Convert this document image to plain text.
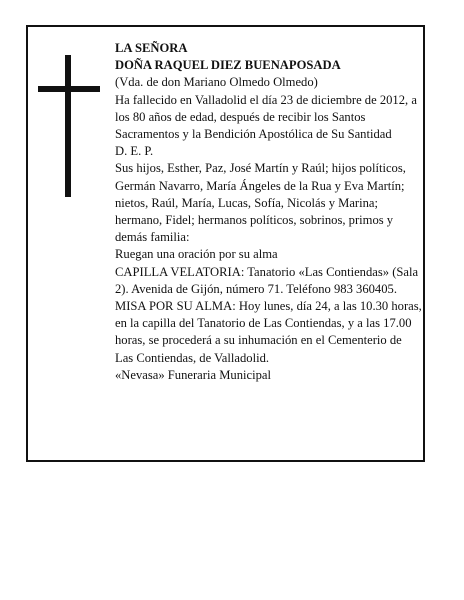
LA SEÑORA

DOÑA RAQUEL DIEZ BUENAPOSADA

(Vda. de don Mariano Olmedo Olmedo)

Ha fallecido en Valladolid el día 23 de diciembre de 2012, a los 80 años de edad, después de recibir los Santos Sacramentos y la Bendición Apostólica de Su Santidad

D. E. P.

Sus hijos, Esther, Paz, José Martín y Raúl; hijos políticos, Germán Navarro, María Ángeles de la Rua y Eva Martín; nietos, Raúl, María, Lucas, Sofía, Nicolás y Marina; hermano, Fidel; hermanos políticos, sobrinos, primos y demás familia:

Ruegan una oración por su alma

CAPILLA VELATORIA: Tanatorio «Las Contiendas» (Sala 2). Avenida de Gijón, número 71. Teléfono 983 360405.

MISA POR SU ALMA: Hoy lunes, día 24, a las 10.30 horas, en la capilla del Tanatorio de Las Contiendas, y a las 17.00 horas, se procederá a su inhumación en el Cementerio de Las Contiendas, de Valladolid.

«Nevasa» Funeraria Municipal
